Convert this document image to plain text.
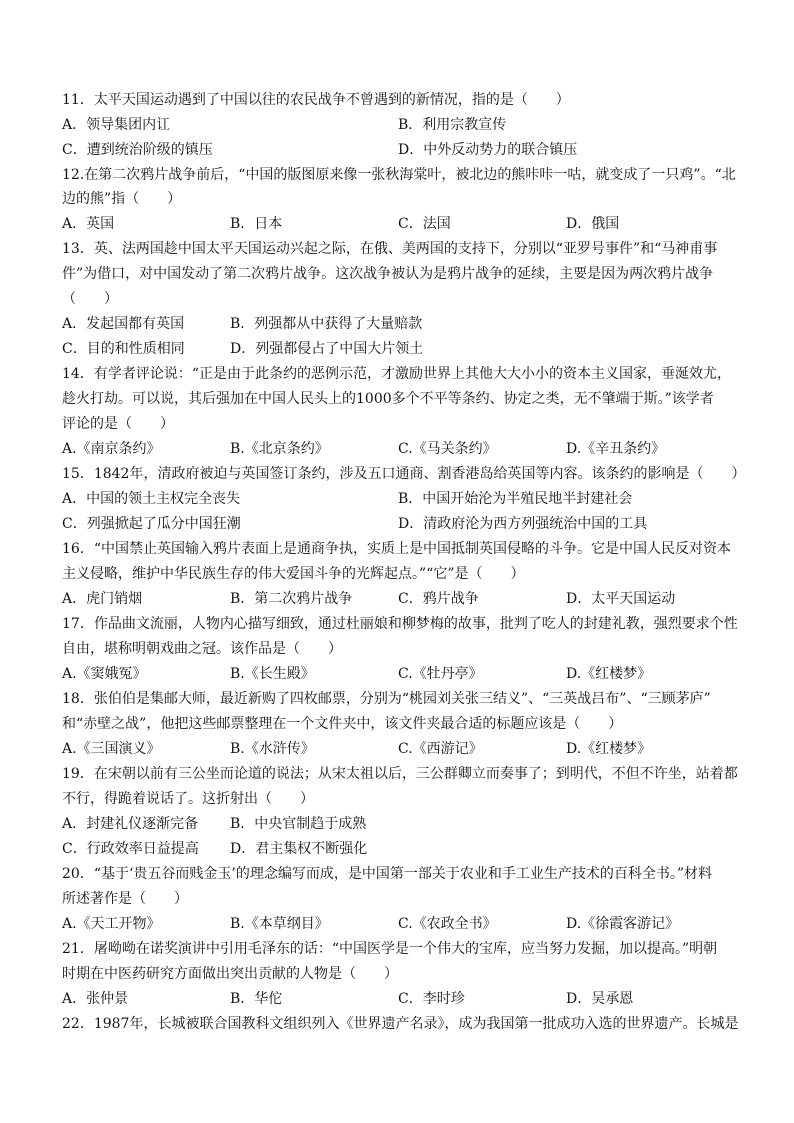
11．太平天国运动遇到了中国以往的农民战争不曾遇到的新情况，指的是（　　）
A．领导集团内讧	B．利用宗教宣传
C．遭到统治阶级的镇压	D．中外反动势力的联合镇压
12.在第二次鸦片战争前后，“中国的版图原来像一张秋海棠叶，被北边的熊咔咔一咕，就变成了一只鸡”。“北
边的熊”指（　　）
A．英国	B．日本	C．法国	D．俄国
13．英、法两国趁中国太平天国运动兴起之际，在俄、美两国的支持下，分别以“亚罗号事件”和“马神甫事
件”为借口，对中国发动了第二次鸦片战争。这次战争被认为是鸦片战争的延续，主要是因为两次鸦片战争
（　　）
A．发起国都有英国	B．列强都从中获得了大量赔款
C．目的和性质相同	D．列强都侵占了中国大片领土
14．有学者评论说：“正是由于此条约的恶例示范，才激励世界上其他大大小小的资本主义国家，垂涎效尤，
趁火打劫。可以说，其后强加在中国人民头上的1000多个不平等条约、协定之类，无不肇端于斯。”该学者
评论的是（　　）
A.《南京条约》	B.《北京条约》	C.《马关条约》	D.《辛丑条约》
15．1842年，清政府被迫与英国签订条约，涉及五口通商、割香港岛给英国等内容。该条约的影响是（　　）
A．中国的领土主权完全丧失	B．中国开始沦为半殖民地半封建社会
C．列强掀起了瓜分中国狂潮	D．清政府沦为西方列强统治中国的工具
16．“中国禁止英国输入鸦片表面上是通商争执，实质上是中国抵制英国侵略的斗争。它是中国人民反对资本
主义侵略，维护中华民族生存的伟大爱国斗争的光辉起点。”“它”是（　　）
A．虎门销烟	B．第二次鸦片战争	C．鸦片战争	D．太平天国运动
17．作品曲文流丽，人物内心描写细致，通过杜丽娘和柳梦梅的故事，批判了吃人的封建礼教，强烈要求个性
自由，堪称明朝戏曲之冠。该作品是（　　）
A.《窦娥冤》	B.《长生殿》	C.《牡丹亭》	D.《红楼梦》
18．张伯伯是集邮大师，最近新购了四枚邮票，分别为“桃园刘关张三结义”、“三英战吕布”、“三顾茅庐”
和“赤壁之战”，他把这些邮票整理在一个文件夹中，该文件夹最合适的标题应该是（　　）
A.《三国演义》	B.《水浒传》	C.《西游记》	D.《红楼梦》
19．在宋朝以前有三公坐而论道的说法；从宋太祖以后，三公群卿立而奏事了；到明代，不但不许坐，站着都
不行，得跪着说话了。这折射出（　　）
A．封建礼仪逐渐完备 B．中央官制趋于成熟
C．行政效率日益提高 D．君主集权不断强化
20．“基于‘贵五谷而贱金玉’的理念编写而成，是中国第一部关于农业和手工业生产技术的百科全书。”材料
所述著作是（　　）
A.《天工开物》	B.《本草纲目》	C.《农政全书》	D.《徐霞客游记》
21．屠呦呦在诺奖演讲中引用毛泽东的话：“中国医学是一个伟大的宝库，应当努力发掘，加以提高。”明朝
时期在中医药研究方面做出突出贡献的人物是（　　）
A．张仲景	B．华佗	C．李时珍	D．吴承恩
22．1987年，长城被联合国教科文组织列入《世界遗产名录》，成为我国第一批成功入选的世界遗产。长城是
